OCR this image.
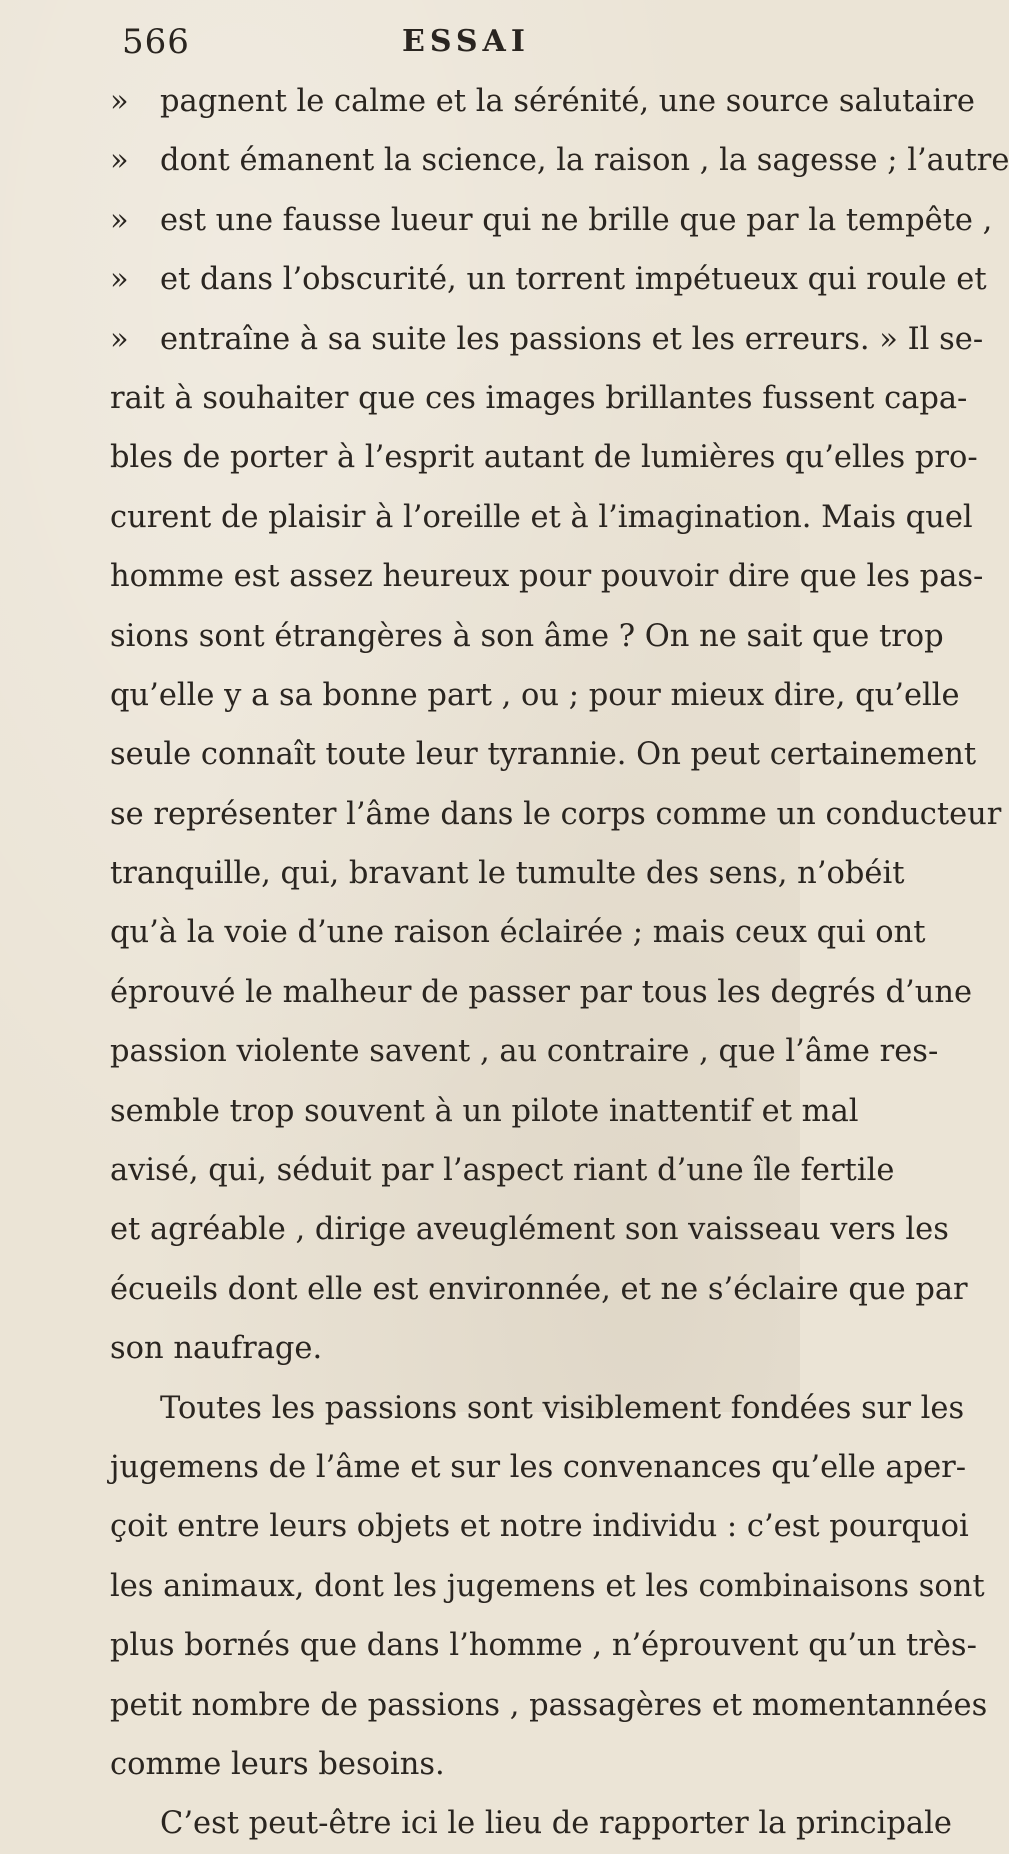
566	ESSAI
»	pagnent le calme et la sérénité, une source salutaire
»	dont émanent la science, la raison , la sagesse ; l’autre
»	est une fausse lueur qui ne brille que par la tempête ,
»	et dans l’obscurité, un torrent impétueux qui roule et
»	entraîne à sa suite les passions et les erreurs. » Il se-
rait à souhaiter que ces images brillantes fussent capa-
bles de porter à l’esprit autant de lumières qu’elles pro-
curent de plaisir à l’oreille et à l’imagination. Mais quel
homme est assez heureux pour pouvoir dire que les pas-
sions sont étrangères à son âme ? On ne sait que trop
qu’elle y a sa bonne part , ou ; pour mieux dire, qu’elle
seule connaît toute leur tyrannie. On peut certainement
se représenter l’âme dans le corps comme un conducteur
tranquille, qui, bravant le tumulte des sens, n’obéit
qu’à la voie d’une raison éclairée ; mais ceux qui ont
éprouvé le malheur de passer par tous les degrés d’une
passion violente savent , au contraire , que l’âme res-
semble trop souvent à un pilote inattentif et mal
avisé, qui, séduit par l’aspect riant d’une île fertile
et agréable , dirige aveuglément son vaisseau vers les
écueils dont elle est environnée, et ne s’éclaire que par
son naufrage.
Toutes les passions sont visiblement fondées sur les
jugemens de l’âme et sur les convenances qu’elle aper-
çoit entre leurs objets et notre individu : c’est pourquoi
les animaux, dont les jugemens et les combinaisons sont
plus bornés que dans l’homme , n’éprouvent qu’un très-
petit nombre de passions , passagères et momentannées
comme leurs besoins.
C’est peut-être ici le lieu de rapporter la principale
